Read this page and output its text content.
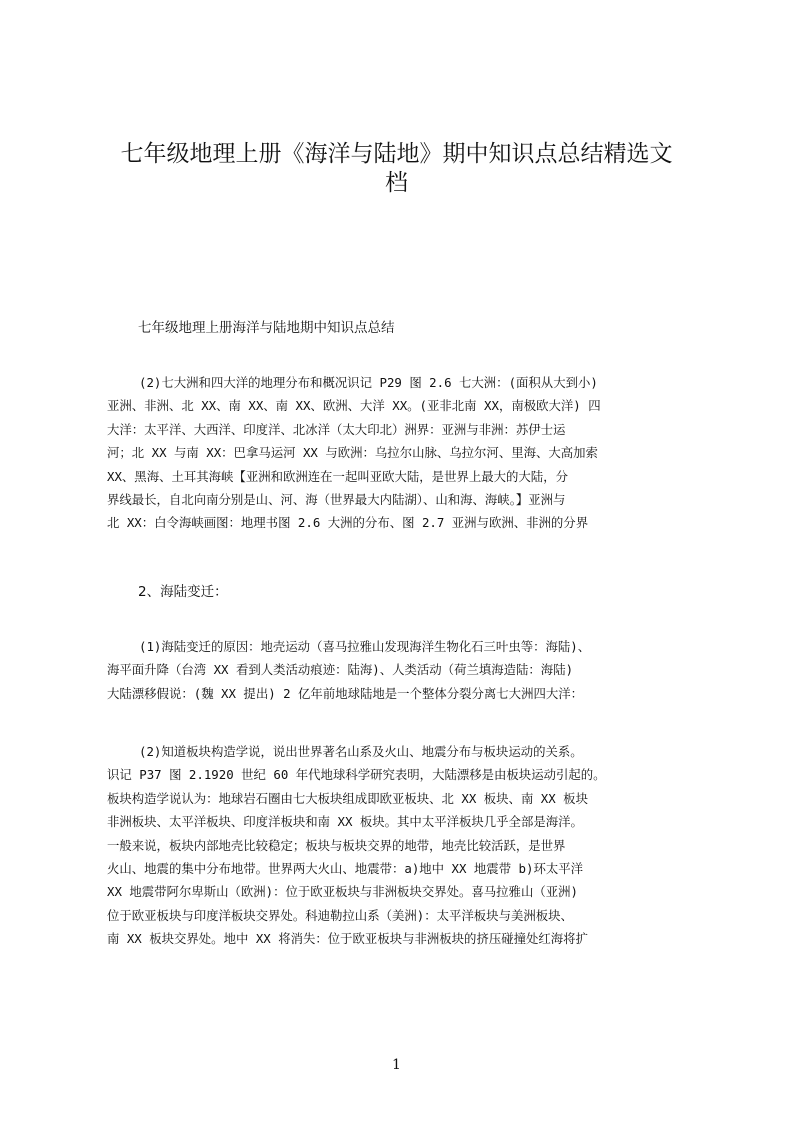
七年级地理上册《海洋与陆地》期中知识点总结精选文
档

七年级地理上册海洋与陆地期中知识点总结

(2)七大洲和四大洋的地理分布和概况识记 P29 图 2.6 七大洲：(面积从大到小)
亚洲、非洲、北 XX、南 XX、南 XX、欧洲、大洋 XX。(亚非北南 XX，南极欧大洋) 四
大洋：太平洋、大西洋、印度洋、北冰洋（太大印北）洲界：亚洲与非洲：苏伊士运
河；北 XX 与南 XX：巴拿马运河 XX 与欧洲：乌拉尔山脉、乌拉尔河、里海、大高加索
XX、黑海、土耳其海峡【亚洲和欧洲连在一起叫亚欧大陆，是世界上最大的大陆，分
界线最长，自北向南分别是山、河、海（世界最大内陆湖）、山和海、海峡。】亚洲与
北 XX：白令海峡画图：地理书图 2.6 大洲的分布、图 2.7 亚洲与欧洲、非洲的分界

2、海陆变迁：

(1)海陆变迁的原因：地壳运动（喜马拉雅山发现海洋生物化石三叶虫等：海陆)、
海平面升降（台湾 XX 看到人类活动痕迹：陆海)、人类活动（荷兰填海造陆：海陆)
大陆漂移假说：(魏 XX 提出) 2 亿年前地球陆地是一个整体分裂分离七大洲四大洋：
(2)知道板块构造学说，说出世界著名山系及火山、地震分布与板块运动的关系。
识记 P37 图 2.1920 世纪 60 年代地球科学研究表明，大陆漂移是由板块运动引起的。
板块构造学说认为：地球岩石圈由七大板块组成即欧亚板块、北 XX 板块、南 XX 板块
非洲板块、太平洋板块、印度洋板块和南 XX 板块。其中太平洋板块几乎全部是海洋。
一般来说，板块内部地壳比较稳定；板块与板块交界的地带，地壳比较活跃，是世界
火山、地震的集中分布地带。世界两大火山、地震带：a)地中 XX 地震带 b)环太平洋
XX 地震带阿尔卑斯山（欧洲)：位于欧亚板块与非洲板块交界处。喜马拉雅山（亚洲)
位于欧亚板块与印度洋板块交界处。科迪勒拉山系（美洲)：太平洋板块与美洲板块、
南 XX 板块交界处。地中 XX 将消失：位于欧亚板块与非洲板块的挤压碰撞处红海将扩
1
